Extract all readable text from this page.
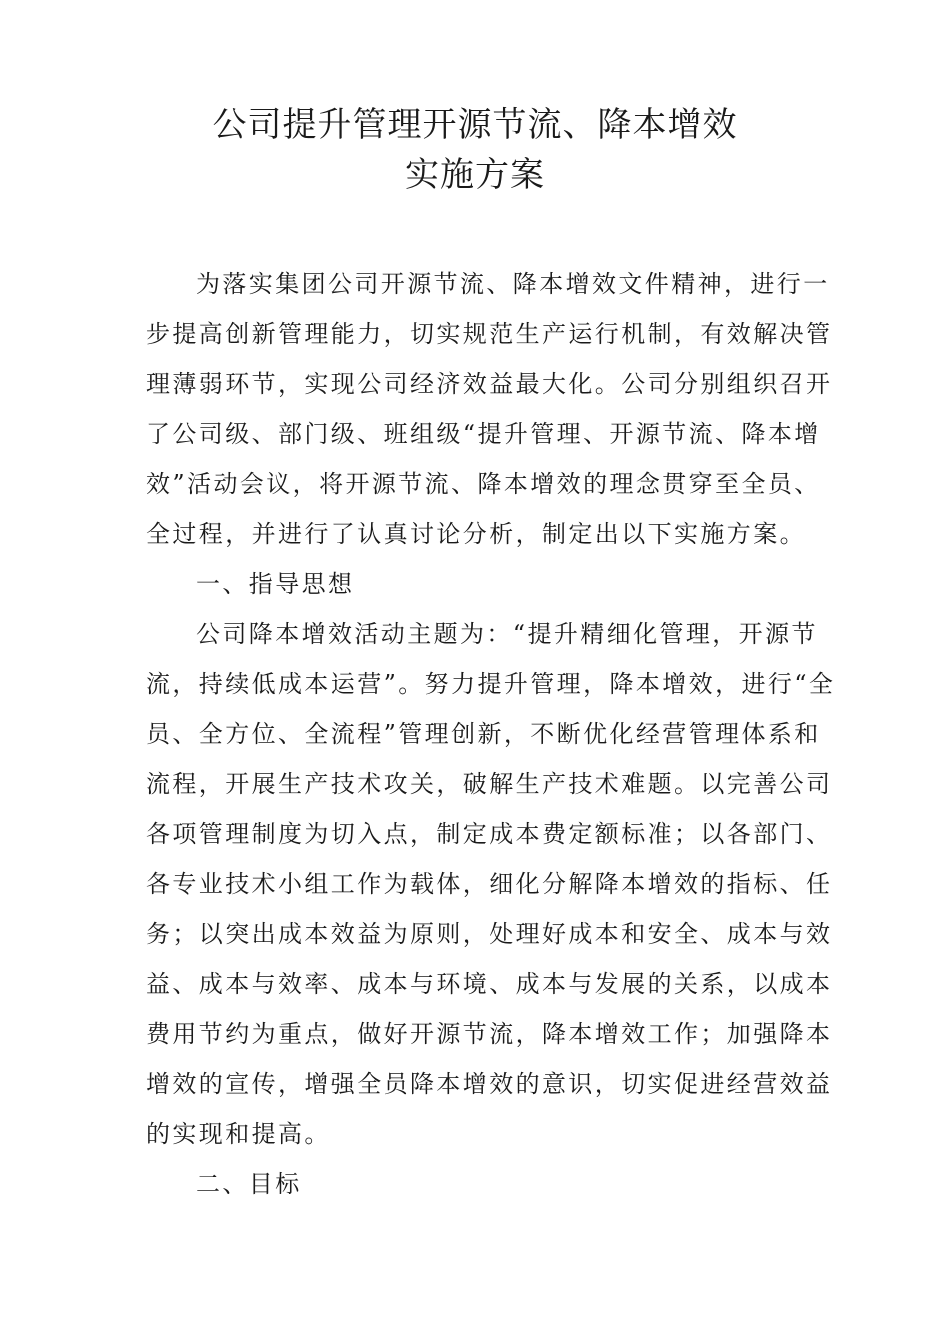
公司提升管理开源节流、降本增效
实施方案
为落实集团公司开源节流、降本增效文件精神，进行一
步提高创新管理能力，切实规范生产运行机制，有效解决管
理薄弱环节，实现公司经济效益最大化。公司分别组织召开
了公司级、部门级、班组级“提升管理、开源节流、降本增
效”活动会议，将开源节流、降本增效的理念贯穿至全员、
全过程，并进行了认真讨论分析，制定出以下实施方案。
一、指导思想
公司降本增效活动主题为：“提升精细化管理，开源节
流，持续低成本运营”。努力提升管理，降本增效，进行“全
员、全方位、全流程”管理创新，不断优化经营管理体系和
流程，开展生产技术攻关，破解生产技术难题。以完善公司
各项管理制度为切入点，制定成本费定额标准；以各部门、
各专业技术小组工作为载体，细化分解降本增效的指标、任
务；以突出成本效益为原则，处理好成本和安全、成本与效
益、成本与效率、成本与环境、成本与发展的关系，以成本
费用节约为重点，做好开源节流，降本增效工作；加强降本
增效的宣传，增强全员降本增效的意识，切实促进经营效益
的实现和提高。
二、目标
